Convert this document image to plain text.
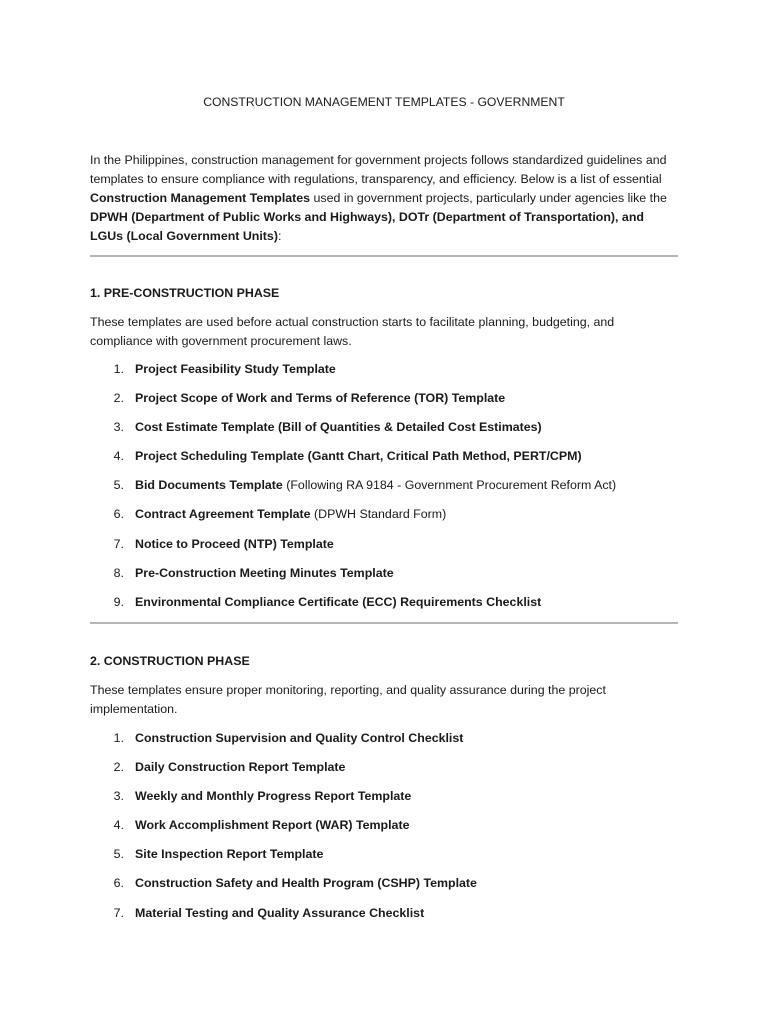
CONSTRUCTION MANAGEMENT TEMPLATES - GOVERNMENT

In the Philippines, construction management for government projects follows standardized guidelines and templates to ensure compliance with regulations, transparency, and efficiency. Below is a list of essential Construction Management Templates used in government projects, particularly under agencies like the DPWH (Department of Public Works and Highways), DOTr (Department of Transportation), and LGUs (Local Government Units):

1. PRE-CONSTRUCTION PHASE

These templates are used before actual construction starts to facilitate planning, budgeting, and compliance with government procurement laws.

1. Project Feasibility Study Template
2. Project Scope of Work and Terms of Reference (TOR) Template
3. Cost Estimate Template (Bill of Quantities & Detailed Cost Estimates)
4. Project Scheduling Template (Gantt Chart, Critical Path Method, PERT/CPM)
5. Bid Documents Template (Following RA 9184 - Government Procurement Reform Act)
6. Contract Agreement Template (DPWH Standard Form)
7. Notice to Proceed (NTP) Template
8. Pre-Construction Meeting Minutes Template
9. Environmental Compliance Certificate (ECC) Requirements Checklist
2. CONSTRUCTION PHASE

These templates ensure proper monitoring, reporting, and quality assurance during the project implementation.

1. Construction Supervision and Quality Control Checklist
2. Daily Construction Report Template
3. Weekly and Monthly Progress Report Template
4. Work Accomplishment Report (WAR) Template
5. Site Inspection Report Template
6. Construction Safety and Health Program (CSHP) Template
7. Material Testing and Quality Assurance Checklist
